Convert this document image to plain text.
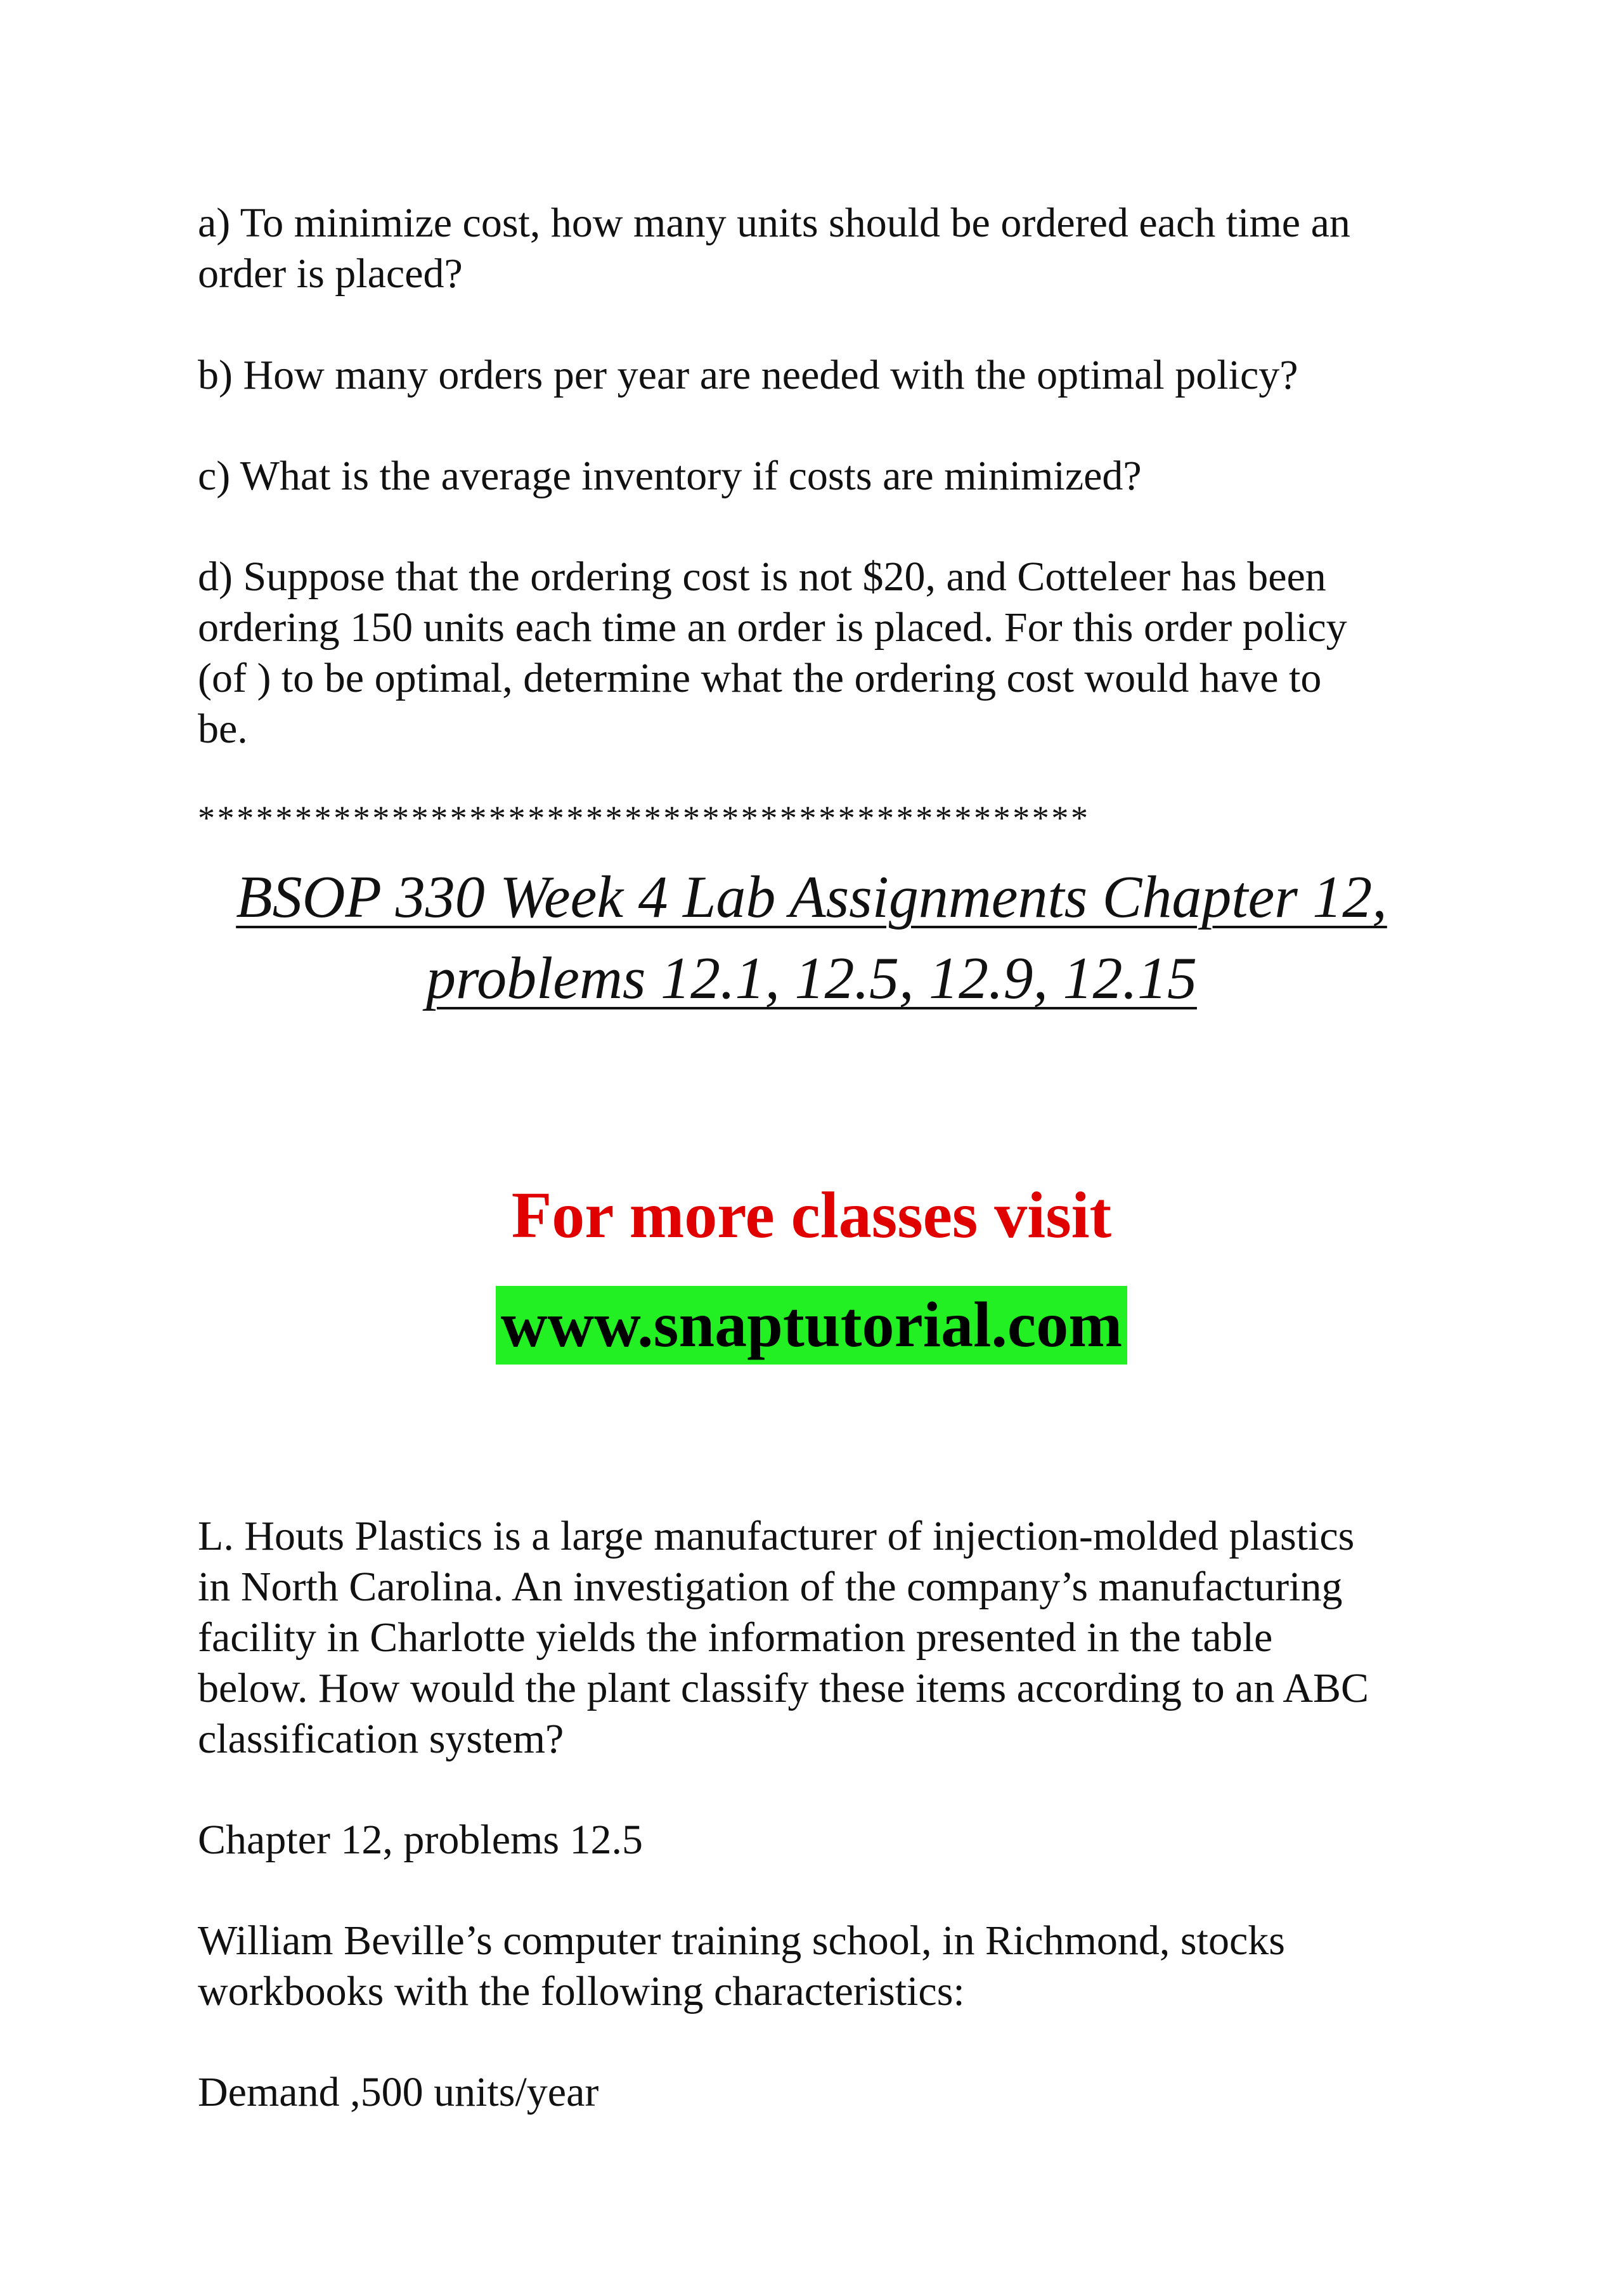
a) To minimize cost, how many units should be ordered each time an
order is placed?

b) How many orders per year are needed with the optimal policy?

c) What is the average inventory if costs are minimized?

d) Suppose that the ordering cost is not $20, and Cotteleer has been
ordering 150 units each time an order is placed. For this order policy
(of ) to be optimal, determine what the ordering cost would have to
be.

**********************************************

BSOP 330 Week 4 Lab Assignments Chapter 12,

problems 12.1, 12.5, 12.9, 12.15

For more classes visit

www.snaptutorial.com

L. Houts Plastics is a large manufacturer of injection-molded plastics
in North Carolina. An investigation of the company’s manufacturing
facility in Charlotte yields the information presented in the table
below. How would the plant classify these items according to an ABC
classification system?

Chapter 12, problems 12.5

William Beville’s computer training school, in Richmond, stocks
workbooks with the following characteristics:

Demand ,500 units/year
